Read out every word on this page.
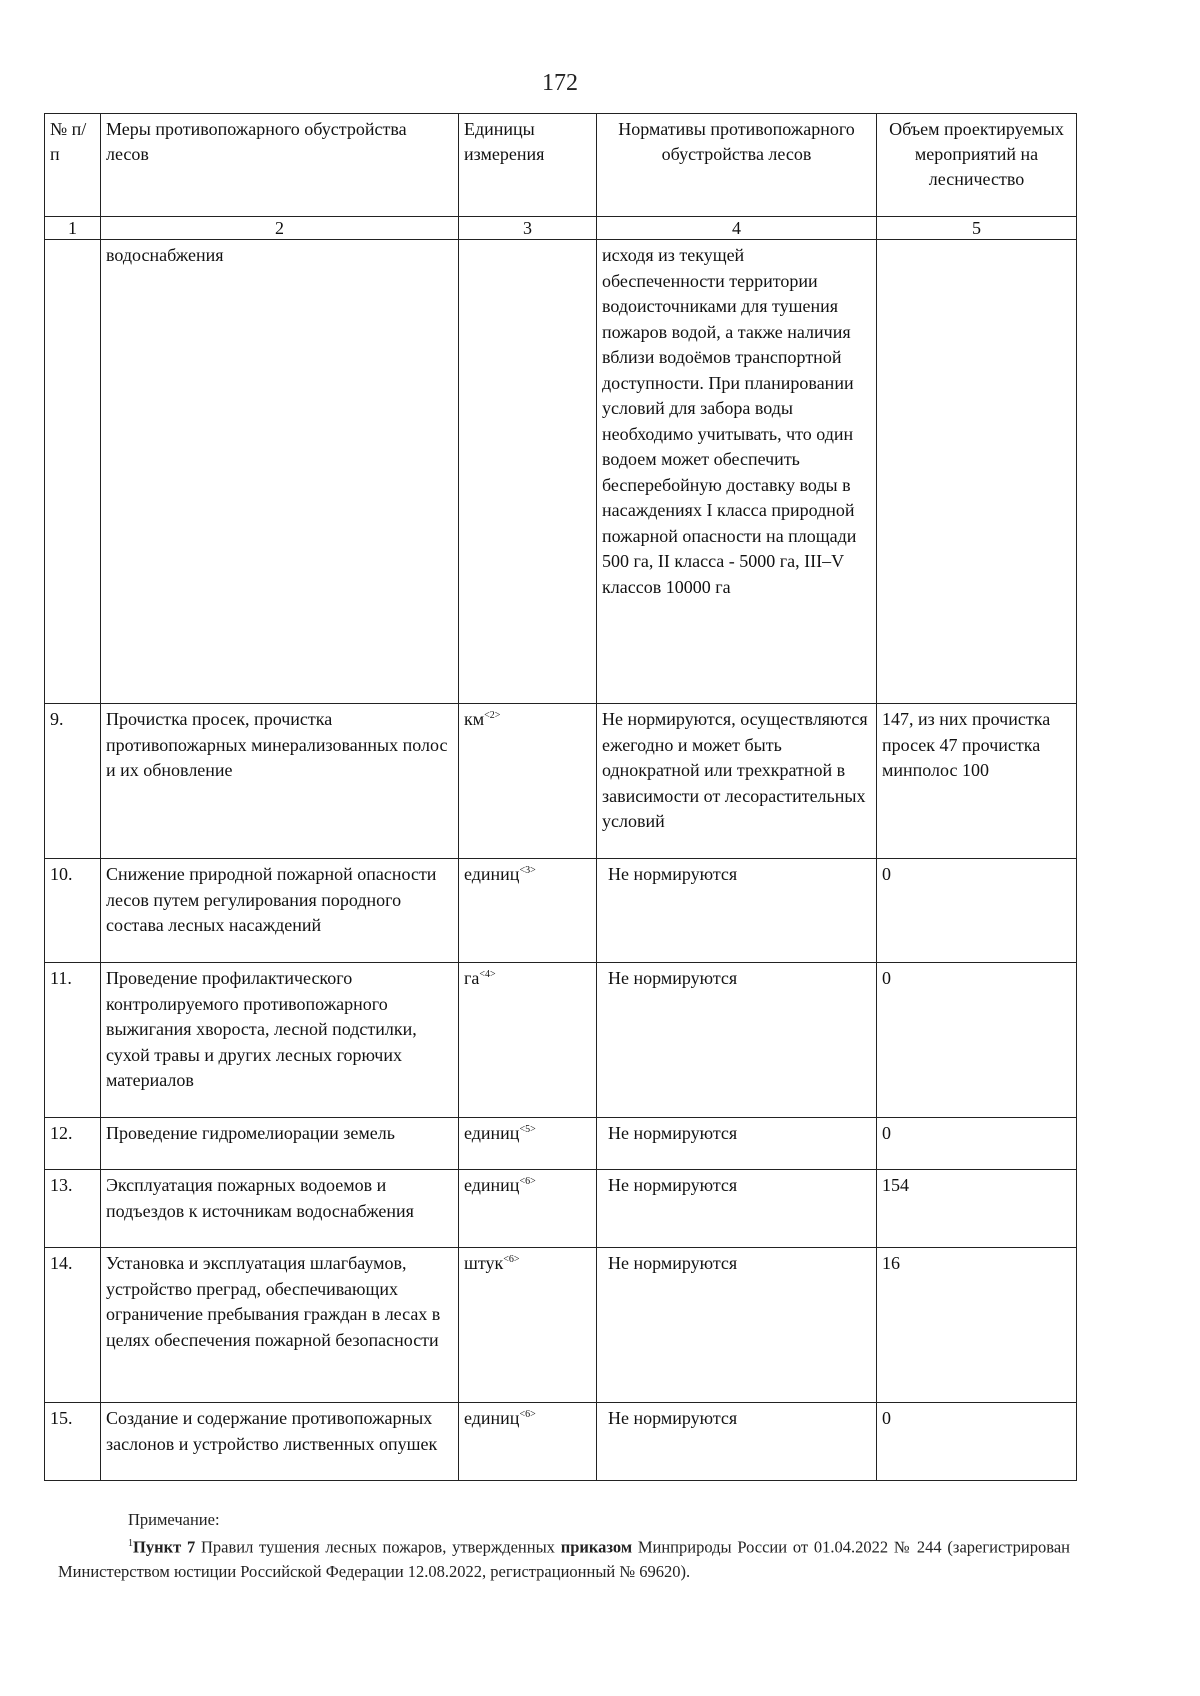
172
№ п/п	Меры противопожарного обустройства лесов	Единицы измерения	Нормативы противопожарного обустройства лесов	Объем проектируемых мероприятий на лесничество
1	2	3	4	5
	водоснабжения		исходя из текущей обеспеченности территории водоисточниками для тушения пожаров водой, а также наличия вблизи водоёмов транспортной доступности. При планировании условий для забора воды необходимо учитывать, что один водоем может обеспечить бесперебойную доставку воды в насаждениях I класса природной пожарной опасности на площади 500 га, II класса - 5000 га, III–V классов 10000 га	
9.	Прочистка просек, прочистка противопожарных минерализованных полос и их обновление	км$^{<2>}$	Не нормируются, осуществляются ежегодно и может быть однократной или трехкратной в зависимости от лесорастительных условий	147, из них прочистка просек 47 прочистка минполос 100
10.	Снижение природной пожарной опасности лесов путем регулирования породного состава лесных насаждений	единиц$^{<3>}$	Не нормируются	0
11.	Проведение профилактического контролируемого противопожарного выжигания хвороста, лесной подстилки, сухой травы и других лесных горючих материалов	га$^{<4>}$	Не нормируются	0
12.	Проведение гидромелиорации земель	единиц$^{<5>}$	Не нормируются	0
13.	Эксплуатация пожарных водоемов и подъездов к источникам водоснабжения	единиц$^{<6>}$	Не нормируются	154
14.	Установка и эксплуатация шлагбаумов, устройство преград, обеспечивающих ограничение пребывания граждан в лесах в целях обеспечения пожарной безопасности	штук$^{<6>}$	Не нормируются	16
15.	Создание и содержание противопожарных заслонов и устройство лиственных опушек	единиц$^{<6>}$	Не нормируются	0
Примечание:
$^1$Пункт 7 Правил тушения лесных пожаров, утвержденных приказом Минприроды России от 01.04.2022 № 244 (зарегистрирован Министерством юстиции Российской Федерации 12.08.2022, регистрационный № 69620).
